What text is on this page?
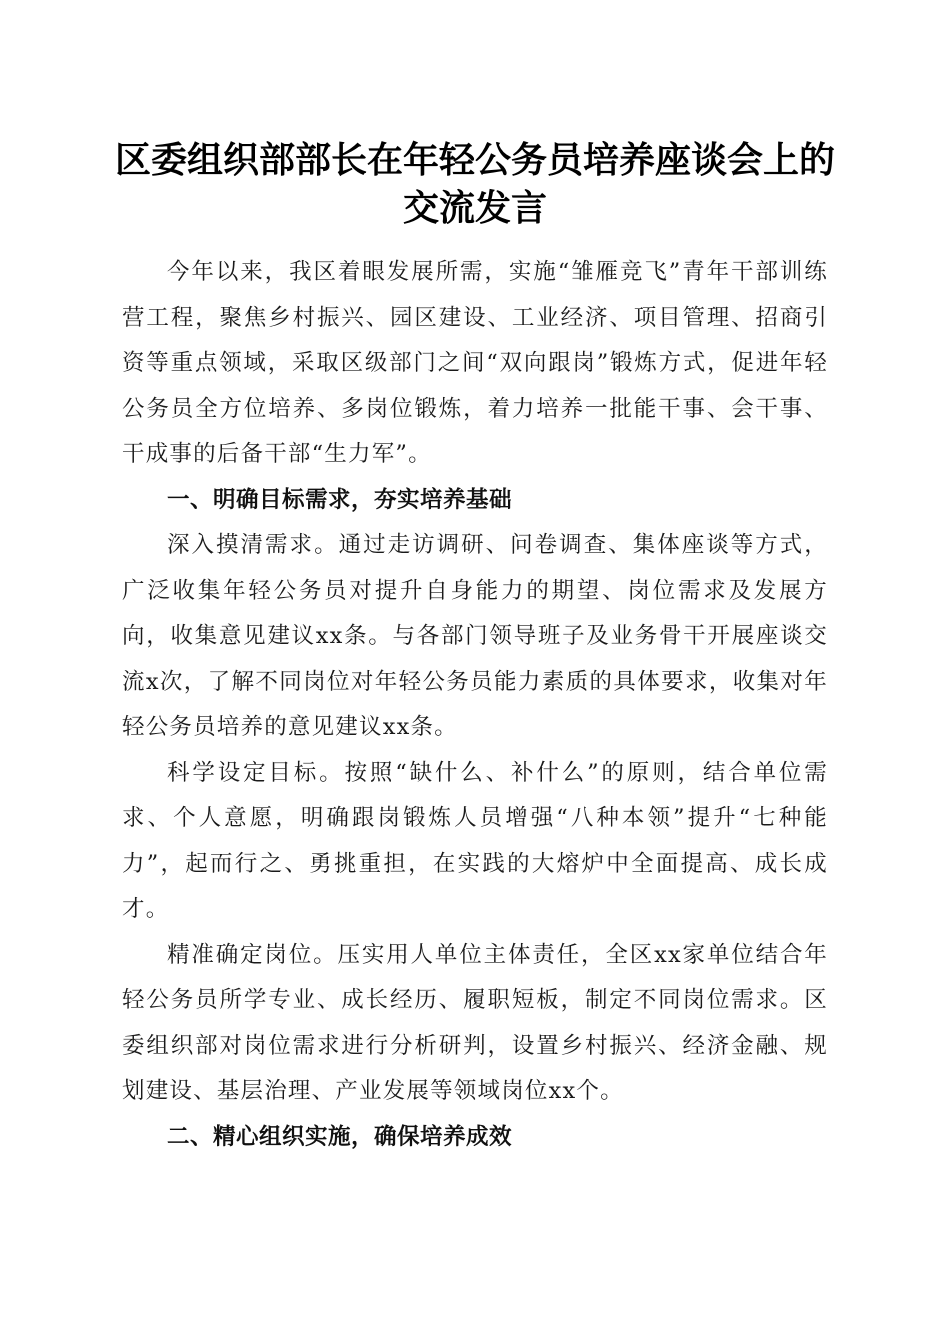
区委组织部部长在年轻公务员培养座谈会上的
交流发言

今年以来，我区着眼发展所需，实施“雏雁竞飞”青年干部训练营工程，聚焦乡村振兴、园区建设、工业经济、项目管理、招商引资等重点领域，采取区级部门之间“双向跟岗”锻炼方式，促进年轻公务员全方位培养、多岗位锻炼，着力培养一批能干事、会干事、干成事的后备干部“生力军”。

一、明确目标需求，夯实培养基础

深入摸清需求。通过走访调研、问卷调查、集体座谈等方式，广泛收集年轻公务员对提升自身能力的期望、岗位需求及发展方向，收集意见建议xx条。与各部门领导班子及业务骨干开展座谈交流x次，了解不同岗位对年轻公务员能力素质的具体要求，收集对年轻公务员培养的意见建议xx条。

科学设定目标。按照“缺什么、补什么”的原则，结合单位需求、个人意愿，明确跟岗锻炼人员增强“八种本领”提升“七种能力”，起而行之、勇挑重担，在实践的大熔炉中全面提高、成长成才。

精准确定岗位。压实用人单位主体责任，全区xx家单位结合年轻公务员所学专业、成长经历、履职短板，制定不同岗位需求。区委组织部对岗位需求进行分析研判，设置乡村振兴、经济金融、规划建设、基层治理、产业发展等领域岗位xx个。

二、精心组织实施，确保培养成效
